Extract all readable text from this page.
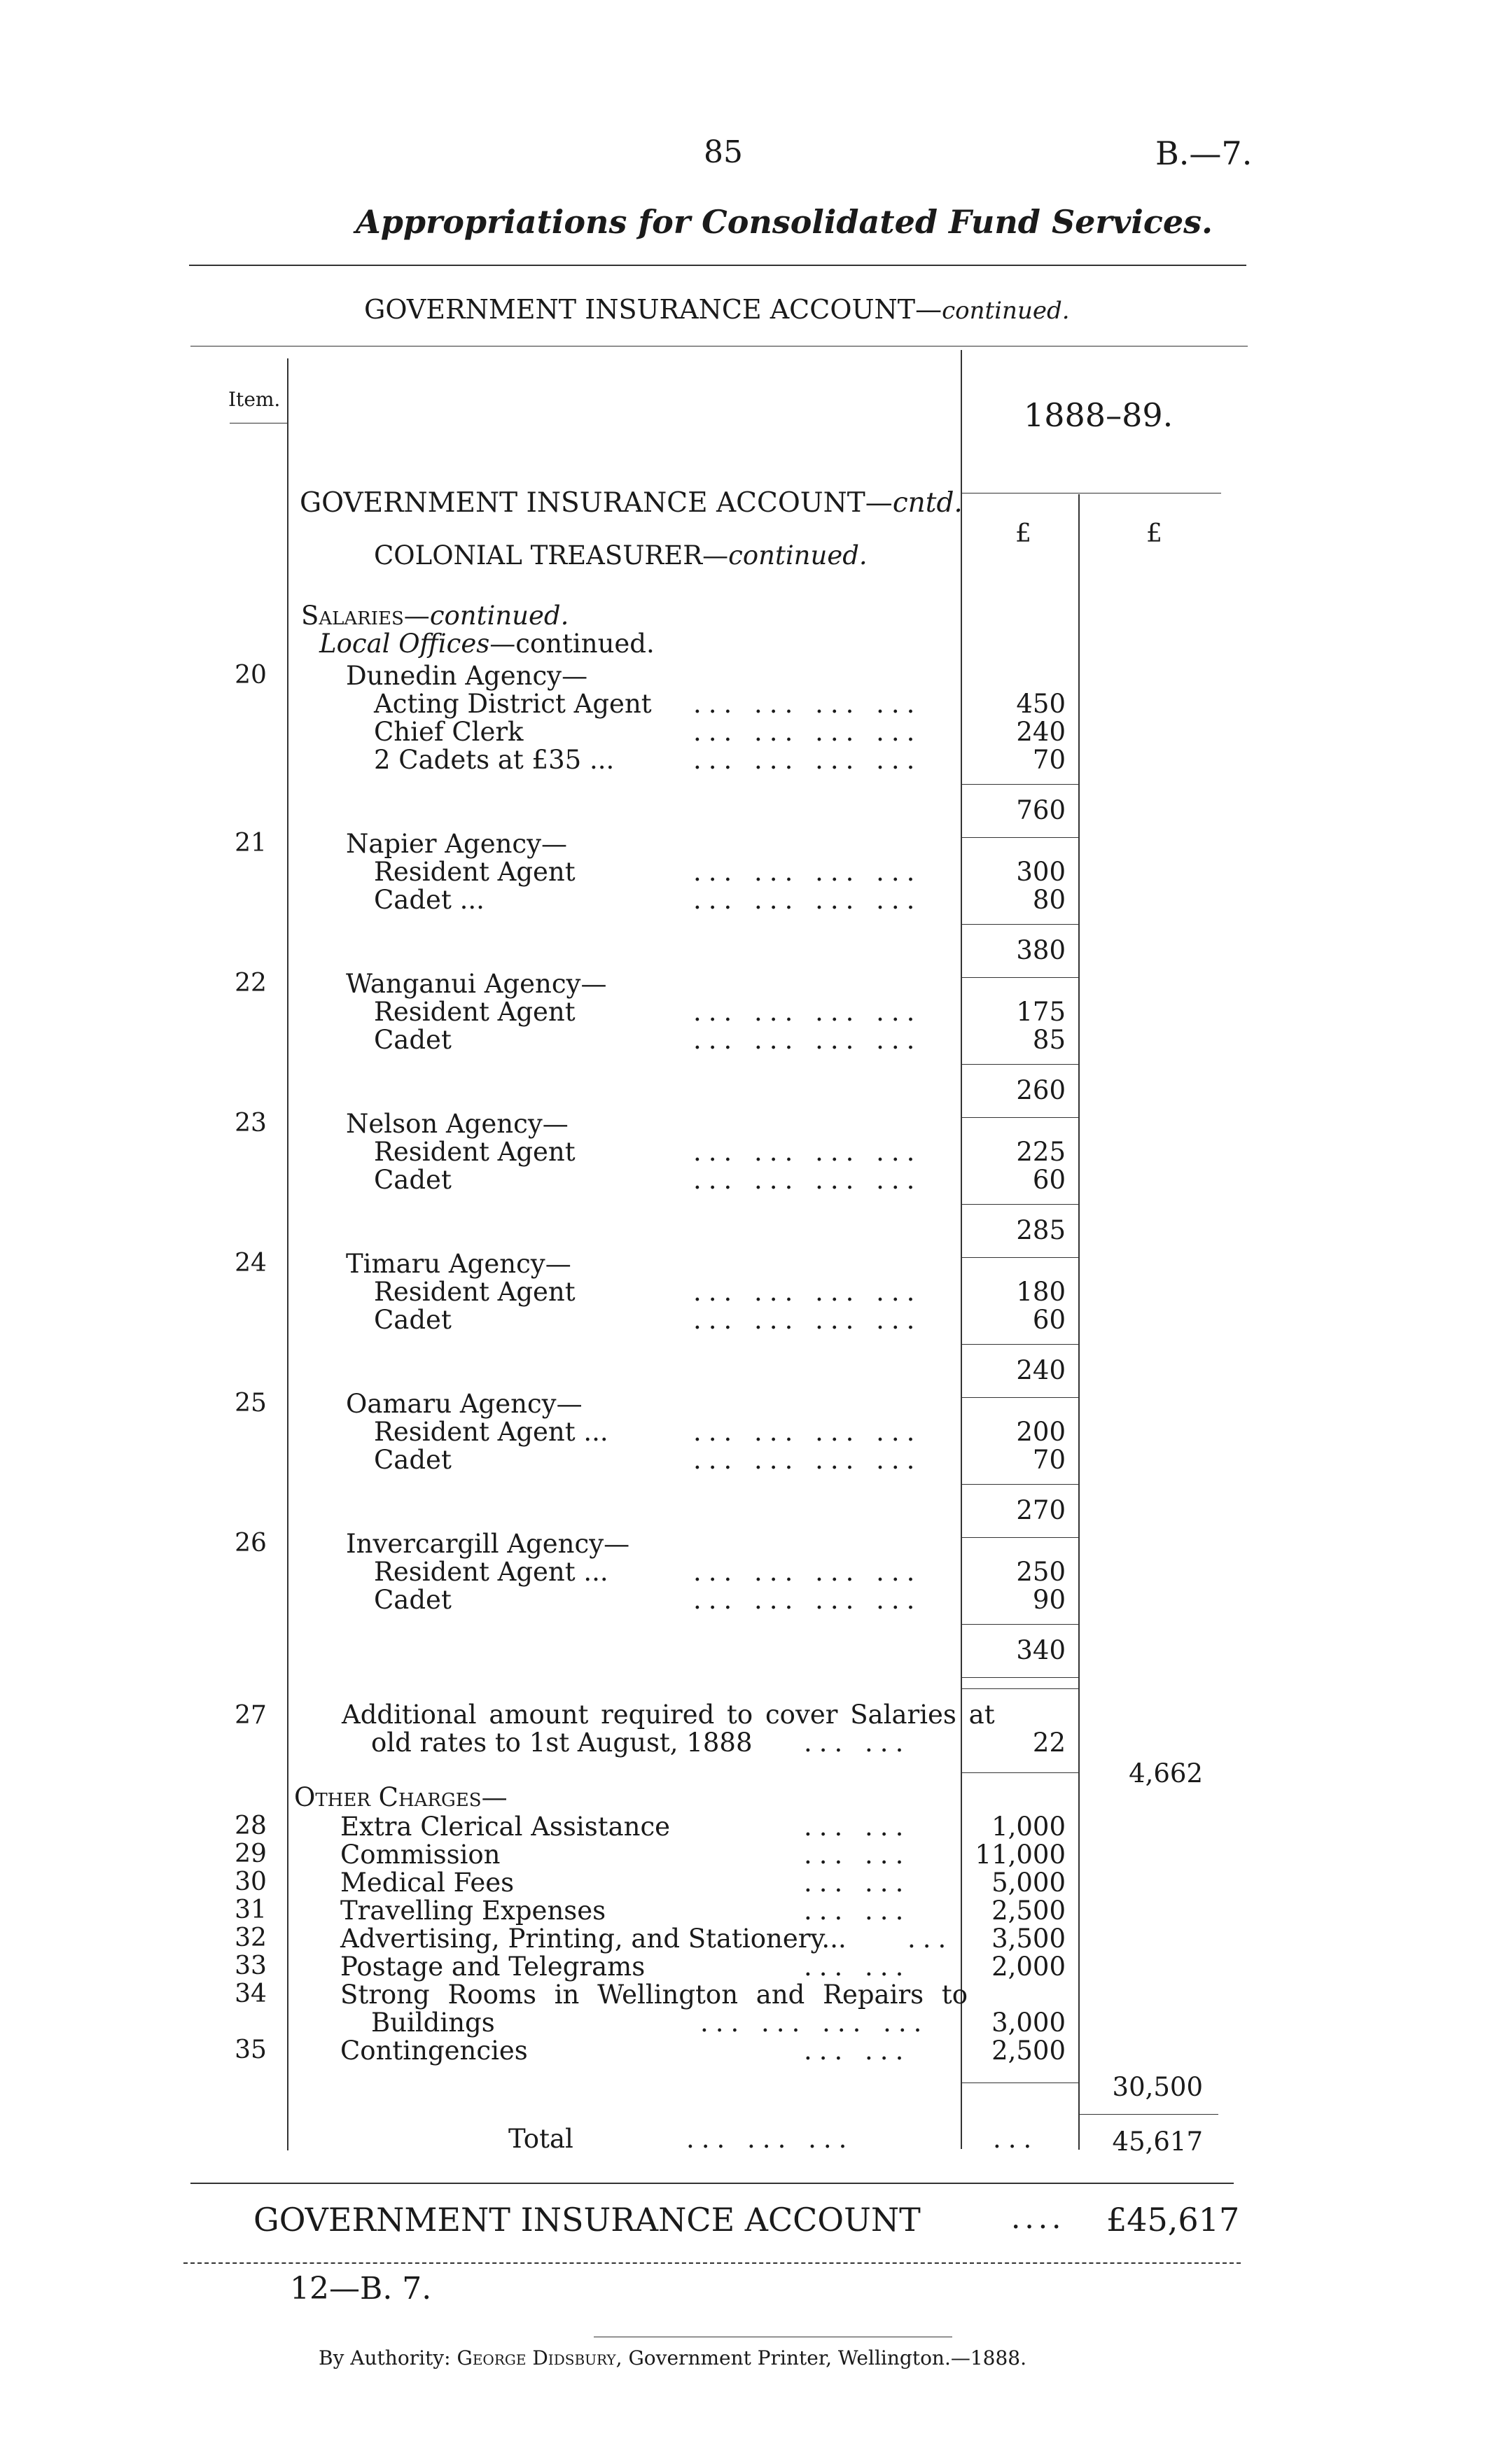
85	B.—7.
Appropriations for Consolidated Fund Services.
GOVERNMENT INSURANCE ACCOUNT—continued.
Item.	1888–89.
GOVERNMENT INSURANCE ACCOUNT—cntd.
COLONIAL TREASURER—continued.
£	£
Salaries—continued.
Local Offices—continued.
20	Dunedin Agency—
Acting District Agent ... ... ... ...	450
Chief Clerk	... ... ... ...	240
2 Cadets at £35 ...	... ... ... ...	70
760
21	Napier Agency—
Resident Agent	... ... ... ...	300
Cadet ...	... ... ... ...	80
380
22	Wanganui Agency—
Resident Agent	... ... ... ...	175
Cadet	... ... ... ...	85
260
23	Nelson Agency—
Resident Agent	... ... ... ...	225
Cadet	... ... ... ...	60
285
24	Timaru Agency—
Resident Agent	... ... ... ...	180
Cadet	... ... ... ...	60
240
25	Oamaru Agency—
Resident Agent ...	... ... ... ...	200
Cadet	... ... ... ...	70
270
26	Invercargill Agency—
Resident Agent ...	... ... ... ...	250
Cadet	... ... ... ...	90
340
27	Additional amount required to cover Salaries at
old rates to 1st August, 1888 ... ...	22
4,662
Other Charges—
28	Extra Clerical Assistance	... ...	1,000
29	Commission	... ...	11,000
30	Medical Fees	... ...	5,000
31	Travelling Expenses	... ...	2,500
32	Advertising, Printing, and Stationery... ...	3,500
33	Postage and Telegrams	... ...	2,000
34	Strong Rooms in Wellington and Repairs to
Buildings	... ... ... ...	3,000
35	Contingencies	... ...	2,500
30,500
Total	... ... ...	...	45,617
GOVERNMENT INSURANCE ACCOUNT	.... £45,617
12—B. 7.
By Authority: George Didsbury, Government Printer, Wellington.—1888.
